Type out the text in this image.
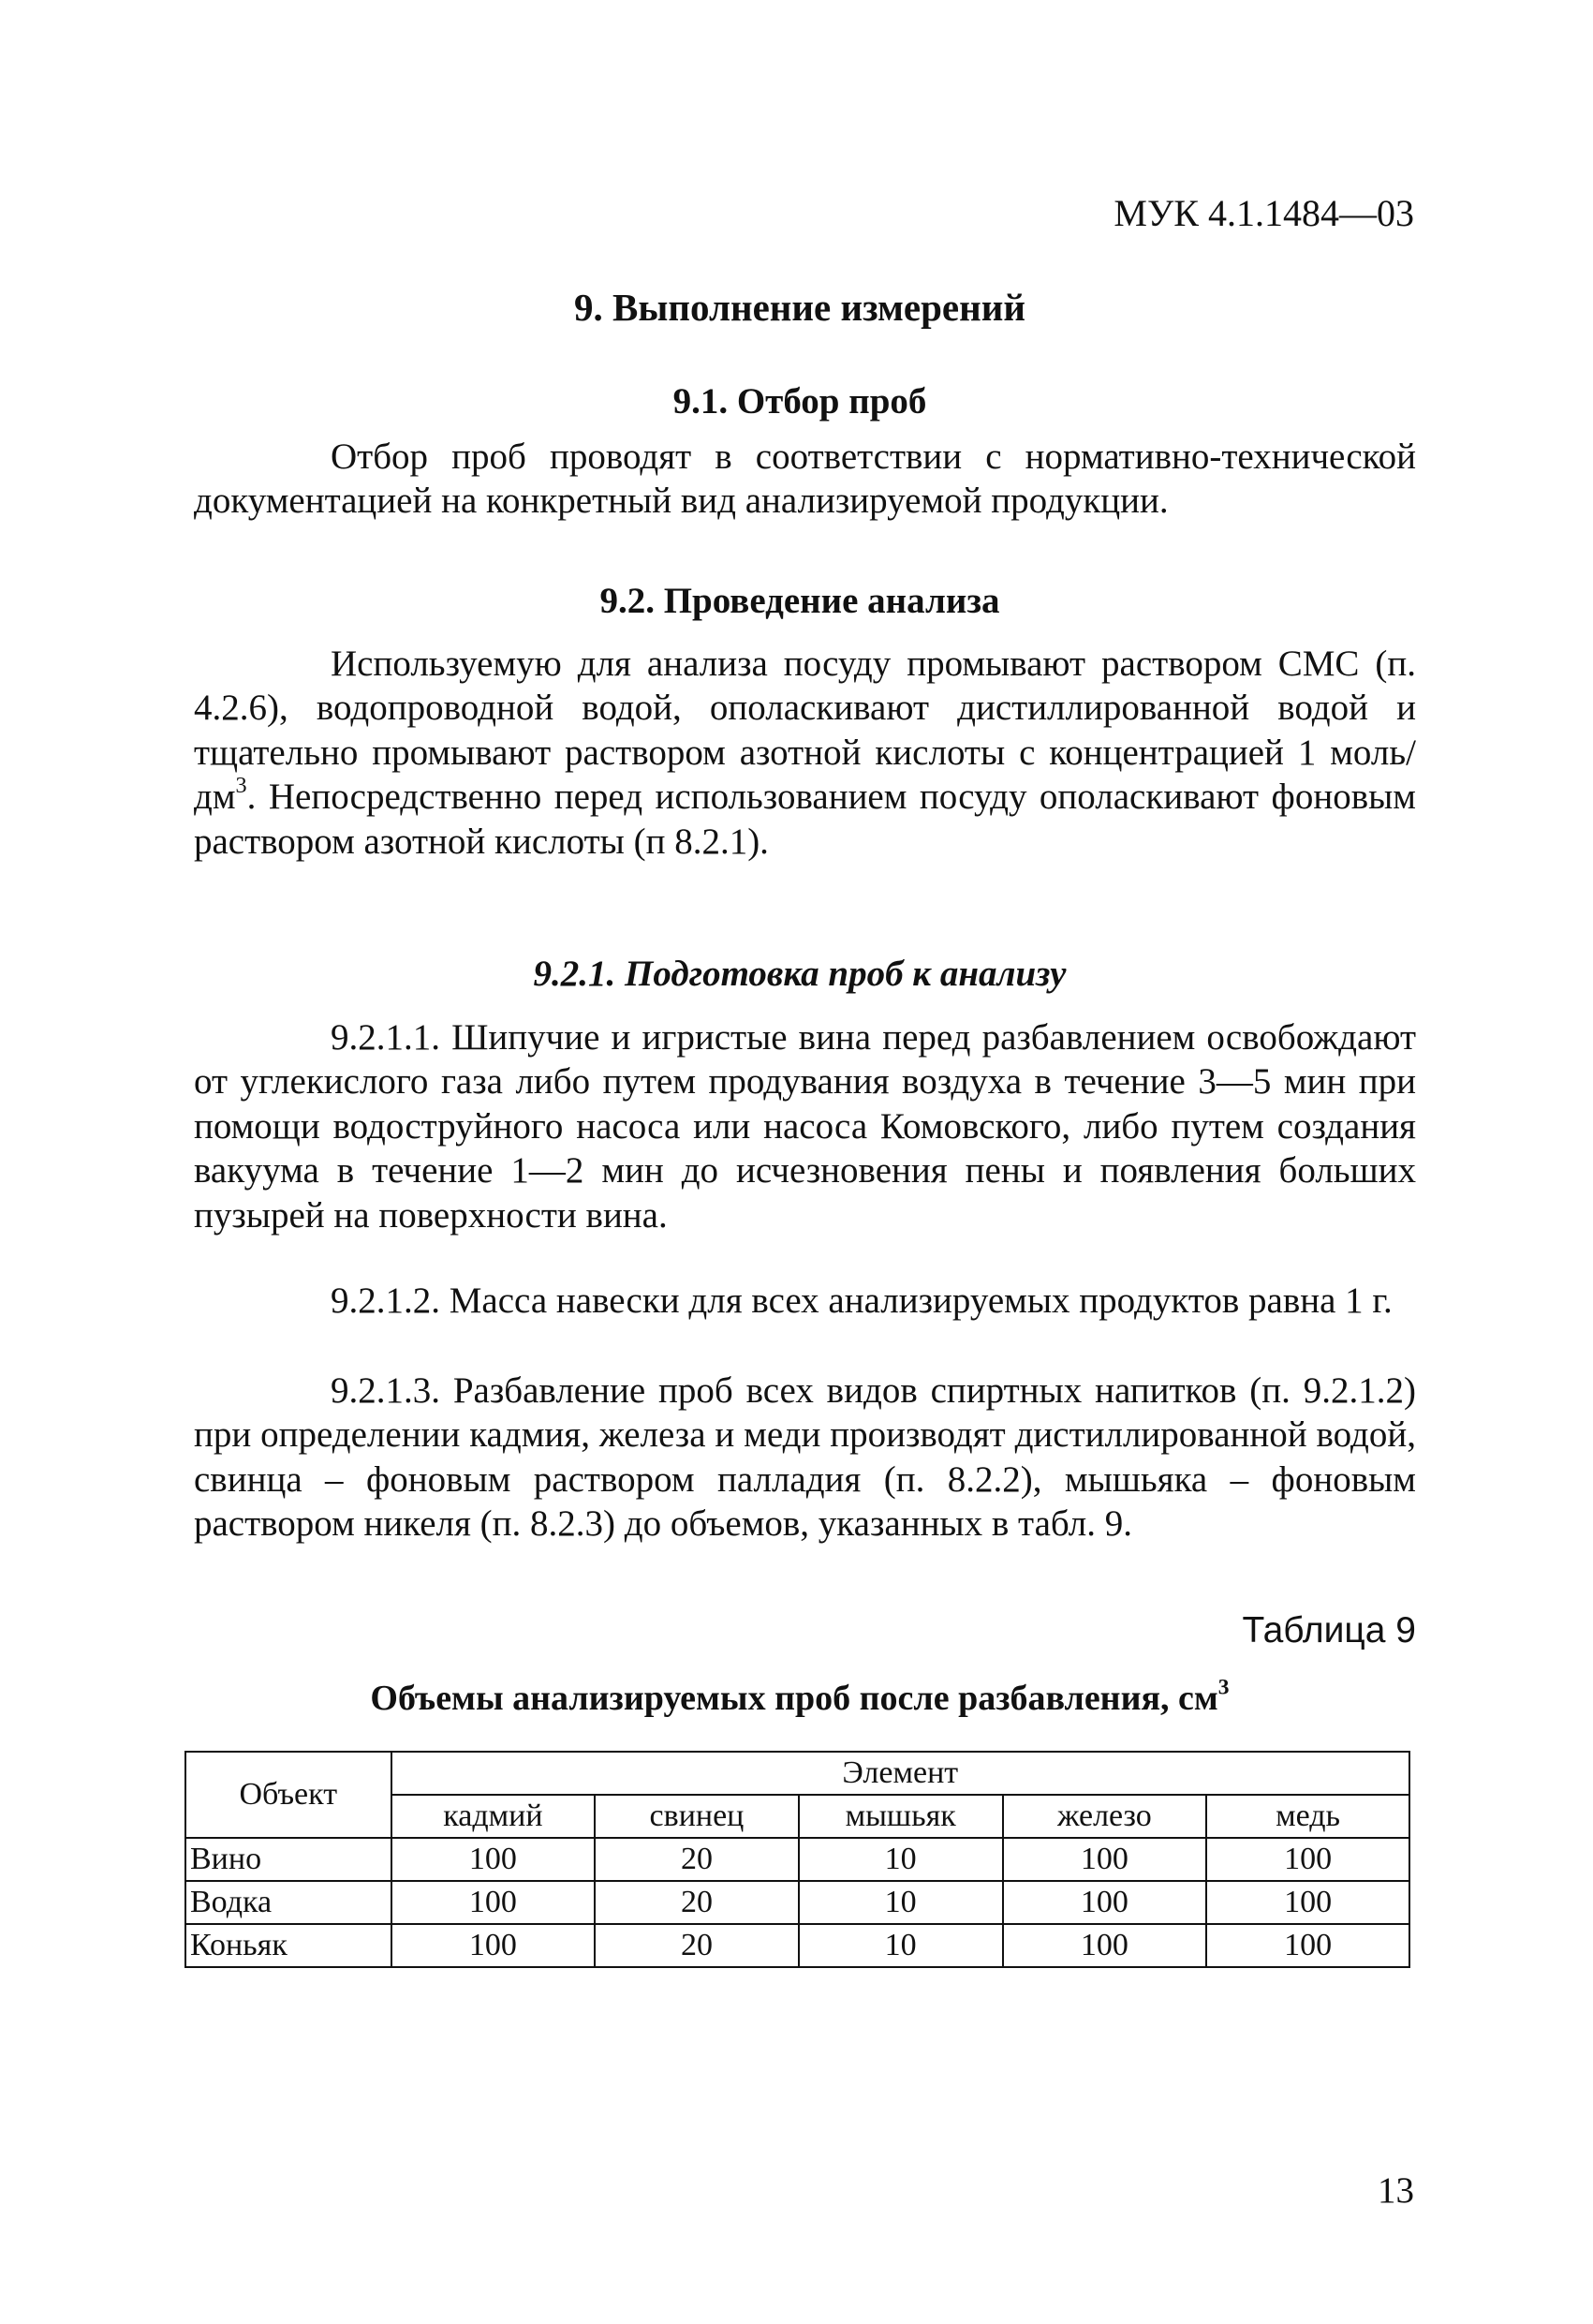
МУК 4.1.1484—03
9. Выполнение измерений
9.1. Отбор проб

Отбор проб проводят в соответствии с нормативно-технической документацией на конкретный вид анализируемой продукции.

9.2. Проведение анализа

Используемую для анализа посуду промывают раствором СМС (п. 4.2.6), водопроводной водой, ополаскивают дистиллированной водой и тщательно промывают раствором азотной кислоты с концентрацией 1 моль/$дм^3$. Непосредственно перед использованием посуду ополаскивают фоновым раствором азотной кислоты (п 8.2.1).

9.2.1. Подготовка проб к анализу

9.2.1.1. Шипучие и игристые вина перед разбавлением освобождают от углекислого газа либо путем продувания воздуха в течение 3—5 мин при помощи водоструйного насоса или насоса Комовского, либо путем создания вакуума в течение 1—2 мин до исчезновения пены и появления больших пузырей на поверхности вина.

9.2.1.2. Масса навески для всех анализируемых продуктов равна 1 г.

9.2.1.3. Разбавление проб всех видов спиртных напитков (п. 9.2.1.2) при определении кадмия, железа и меди производят дистиллированной водой, свинца – фоновым раствором палладия (п. 8.2.2), мышьяка – фоновым раствором никеля (п. 8.2.3) до объемов, указанных в табл. 9.

Таблица 9
Объемы анализируемых проб после разбавления, $см^3$
Объект	Элемент				
	кадмий	свинец	мышьяк	железо	медь
Вино	100	20	10	100	100
Водка	100	20	10	100	100
Коньяк	100	20	10	100	100
13
